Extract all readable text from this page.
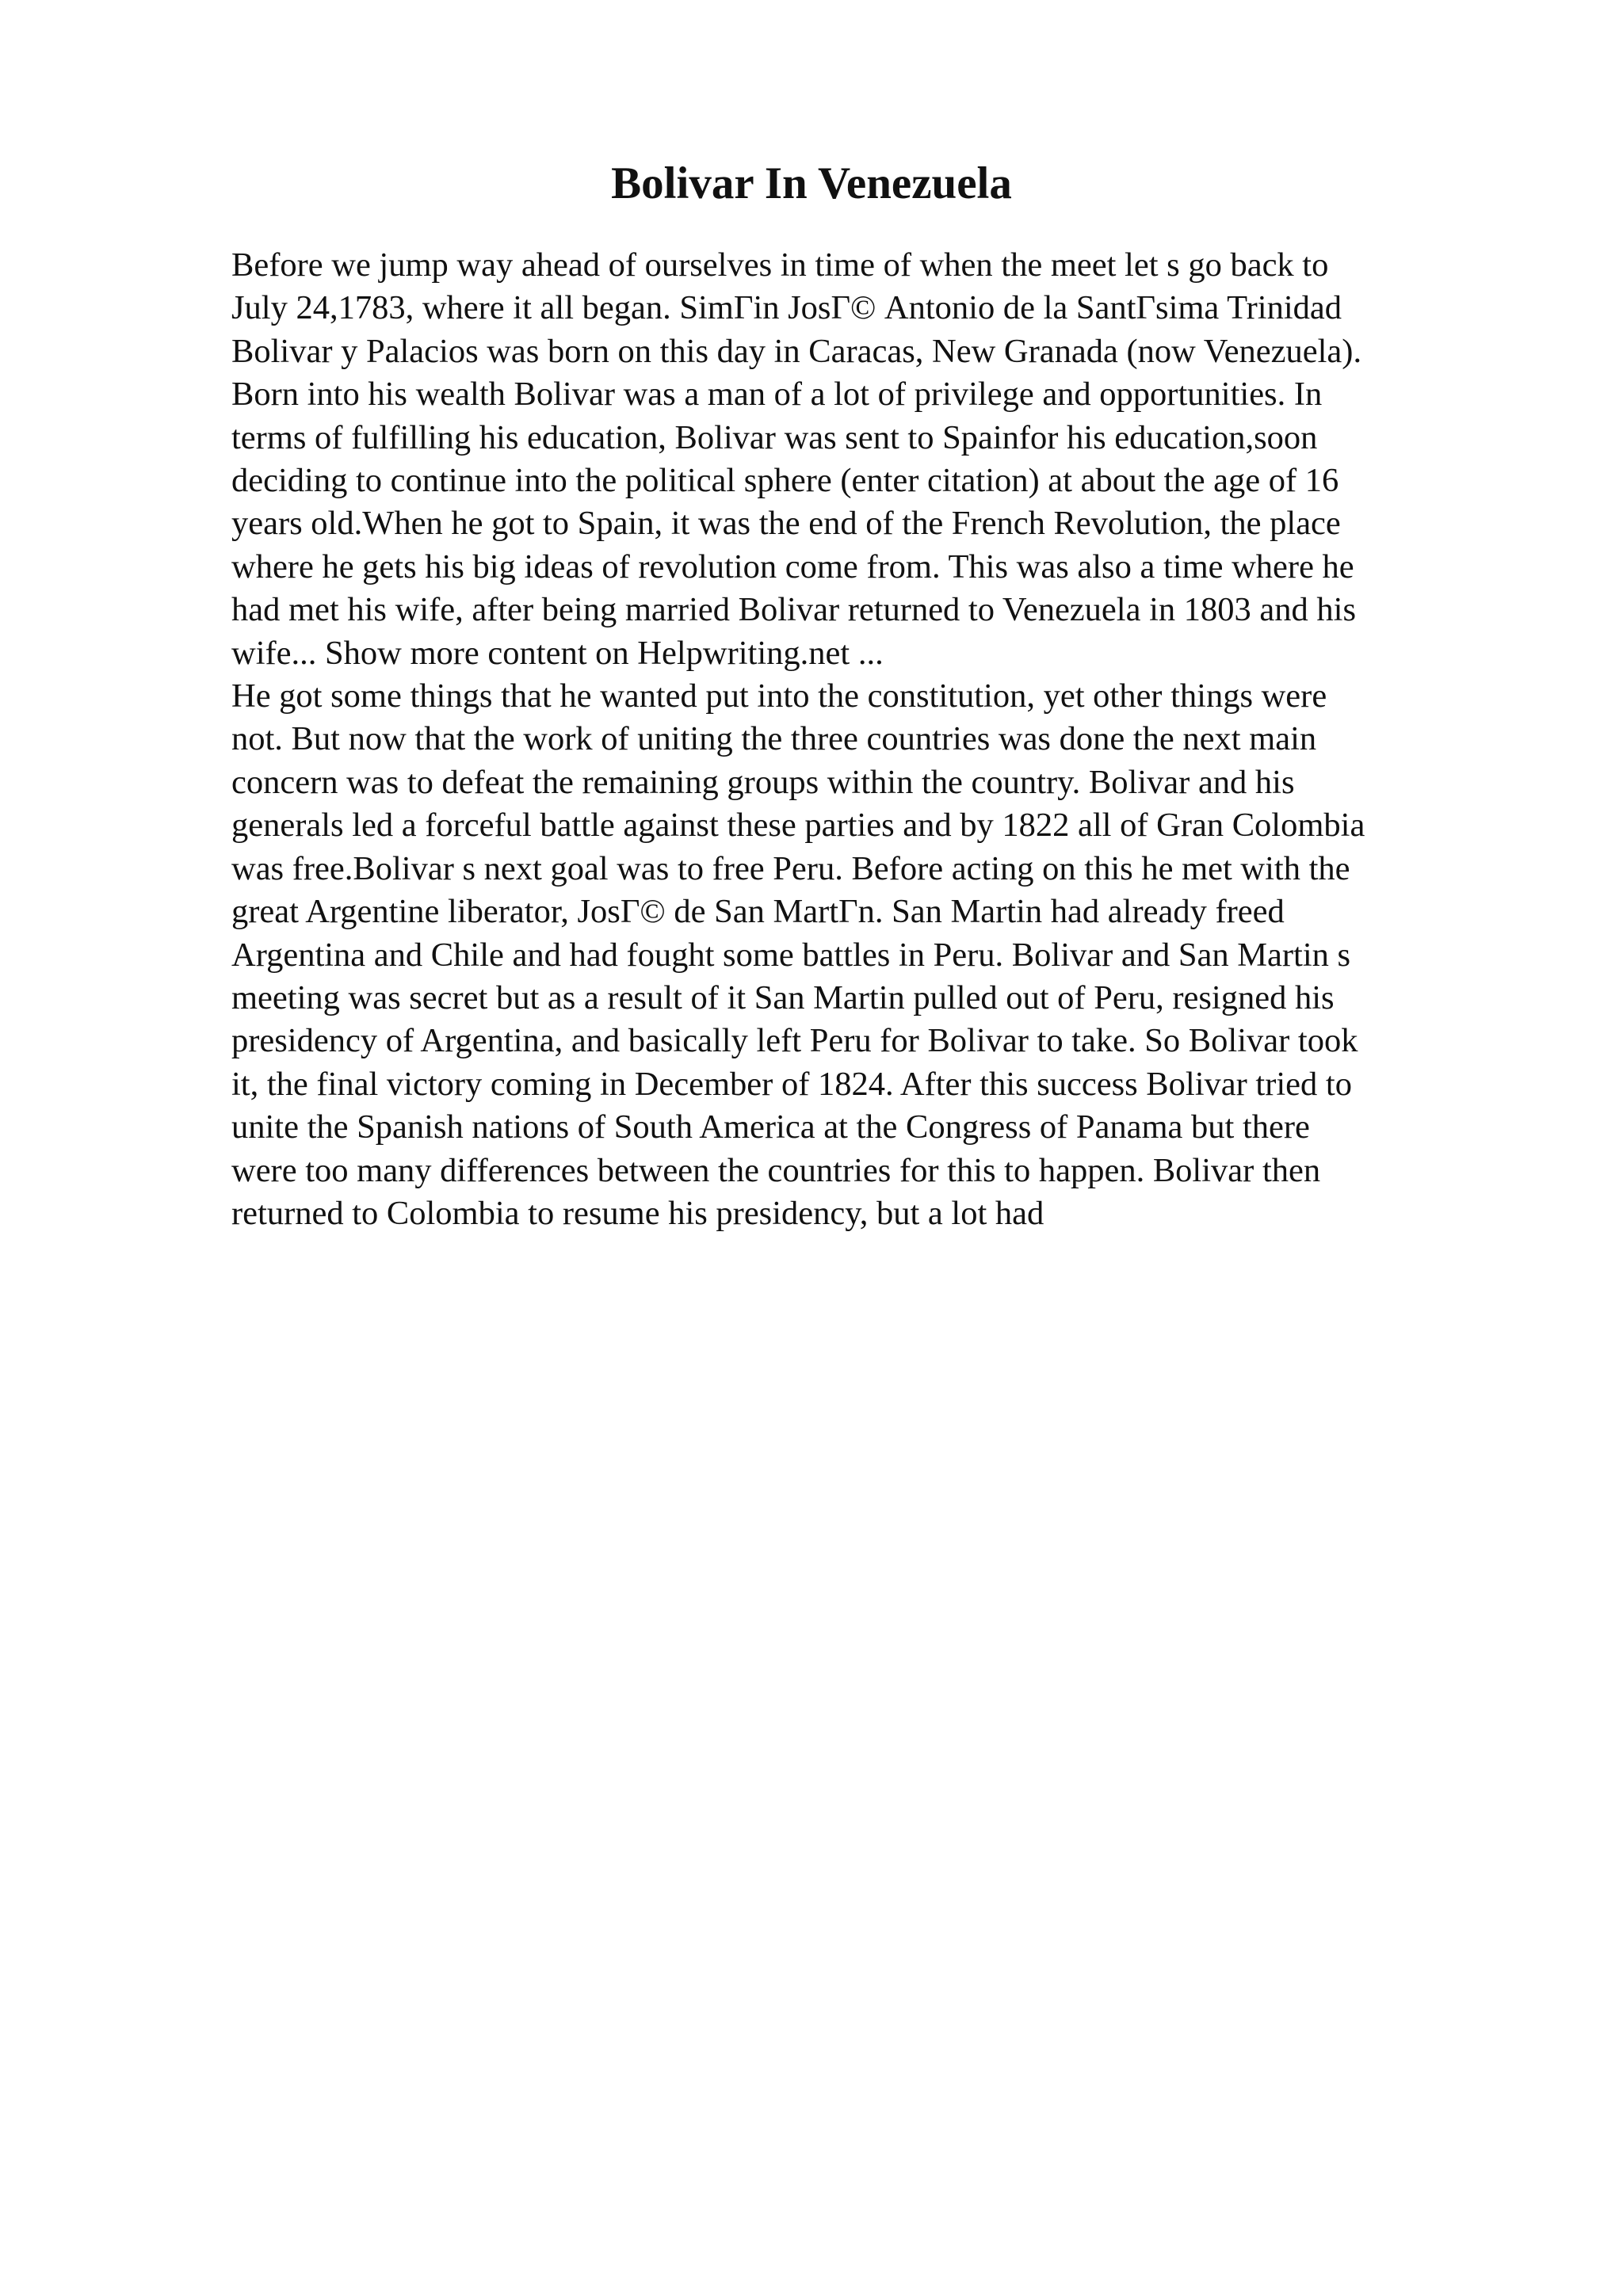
Bolivar In Venezuela
Before we jump way ahead of ourselves in time of when the meet let s go back to
July 24,1783, where it all began. SimΓin JosΓ© Antonio de la SantΓsima Trinidad
Bolivar y Palacios was born on this day in Caracas, New Granada (now Venezuela).
Born into his wealth Bolivar was a man of a lot of privilege and opportunities. In
terms of fulfilling his education, Bolivar was sent to Spainfor his education,soon
deciding to continue into the political sphere (enter citation) at about the age of 16
years old.When he got to Spain, it was the end of the French Revolution, the place
where he gets his big ideas of revolution come from. This was also a time where he
had met his wife, after being married Bolivar returned to Venezuela in 1803 and his
wife... Show more content on Helpwriting.net ...
He got some things that he wanted put into the constitution, yet other things were
not. But now that the work of uniting the three countries was done the next main
concern was to defeat the remaining groups within the country. Bolivar and his
generals led a forceful battle against these parties and by 1822 all of Gran Colombia
was free.Bolivar s next goal was to free Peru. Before acting on this he met with the
great Argentine liberator, JosΓ© de San MartΓn. San Martin had already freed
Argentina and Chile and had fought some battles in Peru. Bolivar and San Martin s
meeting was secret but as a result of it San Martin pulled out of Peru, resigned his
presidency of Argentina, and basically left Peru for Bolivar to take. So Bolivar took
it, the final victory coming in December of 1824. After this success Bolivar tried to
unite the Spanish nations of South America at the Congress of Panama but there
were too many differences between the countries for this to happen. Bolivar then
returned to Colombia to resume his presidency, but a lot had
